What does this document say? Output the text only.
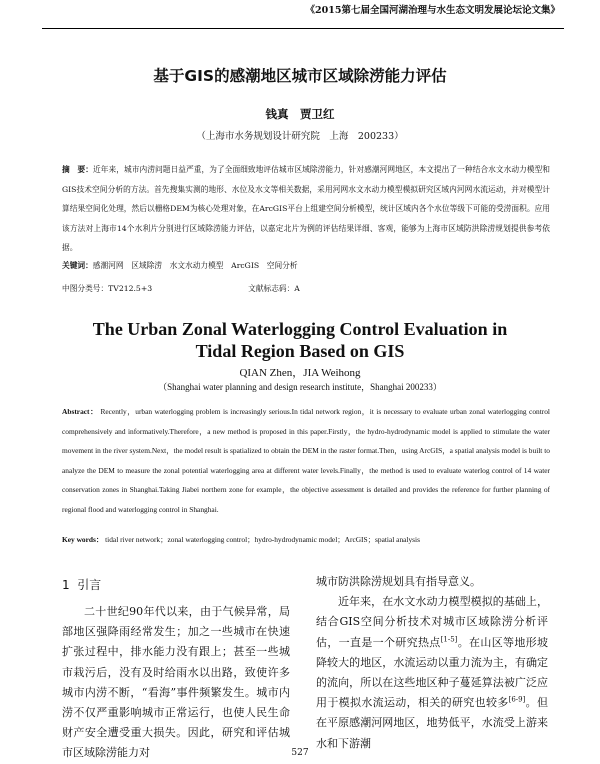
《2015第七届全国河湖治理与水生态文明发展论坛论文集》
基于GIS的感潮地区城市区域除涝能力评估
钱真　贾卫红
（上海市水务规划设计研究院　上海　200233）
摘　要：近年来，城市内涝问题日益严重，为了全面细致地评估城市区域除涝能力，针对感潮河网地区，本文提出了一种结合水文水动力模型和GIS技术空间分析的方法。首先搜集实测的地形、水位及水文等相关数据，采用河网水文水动力模型模拟研究区域内河网水流运动，并对模型计算结果空间化处理，然后以栅格DEM为核心处理对象，在ArcGIS平台上组建空间分析模型，统计区域内各个水位等级下可能的受涝面积。应用该方法对上海市14个水利片分别进行区域除涝能力评估，以嘉定北片为例的评估结果详细、客观，能够为上海市区域防洪除涝规划提供参考依据。
关键词：感潮河网　区域除涝　水文水动力模型　ArcGIS　空间分析
中图分类号：TV212.5+3	文献标志码：A
The Urban Zonal Waterlogging Control Evaluation in
Tidal Region Based on GIS
QIAN Zhen，JIA Weihong
（Shanghai water planning and design research institute，Shanghai 200233）
Abstract： Recently，urban waterlogging problem is increasingly serious.In tidal network region，it is necessary to evaluate urban zonal waterlogging control comprehensively and informatively.Therefore，a new method is proposed in this paper.Firstly，the hydro-hydrodynamic model is applied to stimulate the water movement in the river system.Next，the model result is spatialized to obtain the DEM in the raster format.Then，using ArcGIS，a spatial analysis model is built to analyze the DEM to measure the zonal potential waterlogging area at different water levels.Finally，the method is used to evaluate waterlog control of 14 water conservation zones in Shanghai.Taking Jiabei northern zone for example，the objective assessment is detailed and provides the reference for further planning of regional flood and waterlogging control in Shanghai.
Key words： tidal river network；zonal waterlogging control；hydro-hydrodynamic model；ArcGIS；spatial analysis
1 引言
二十世纪90年代以来，由于气候异常，局部地区强降雨经常发生；加之一些城市在快速扩张过程中，排水能力没有跟上；甚至一些城市栽污后，没有及时给雨水以出路，致使许多城市内涝不断，“看海”事件频繁发生。城市内涝不仅严重影响城市正常运行，也使人民生命财产安全遭受重大损失。因此，研究和评估城市区域除涝能力对

城市防洪除涝规划具有指导意义。

近年来，在水文水动力模型模拟的基础上，结合GIS空间分析技术对城市区域除涝分析评估，一直是一个研究热点[1-5]。在山区等地形坡降较大的地区，水流运动以重力流为主，有确定的流向，所以在这些地区种子蔓延算法被广泛应用于模拟水流运动，相关的研究也较多[6-9]。但在平原感潮河网地区，地势低平，水流受上游来水和下游潮

527
